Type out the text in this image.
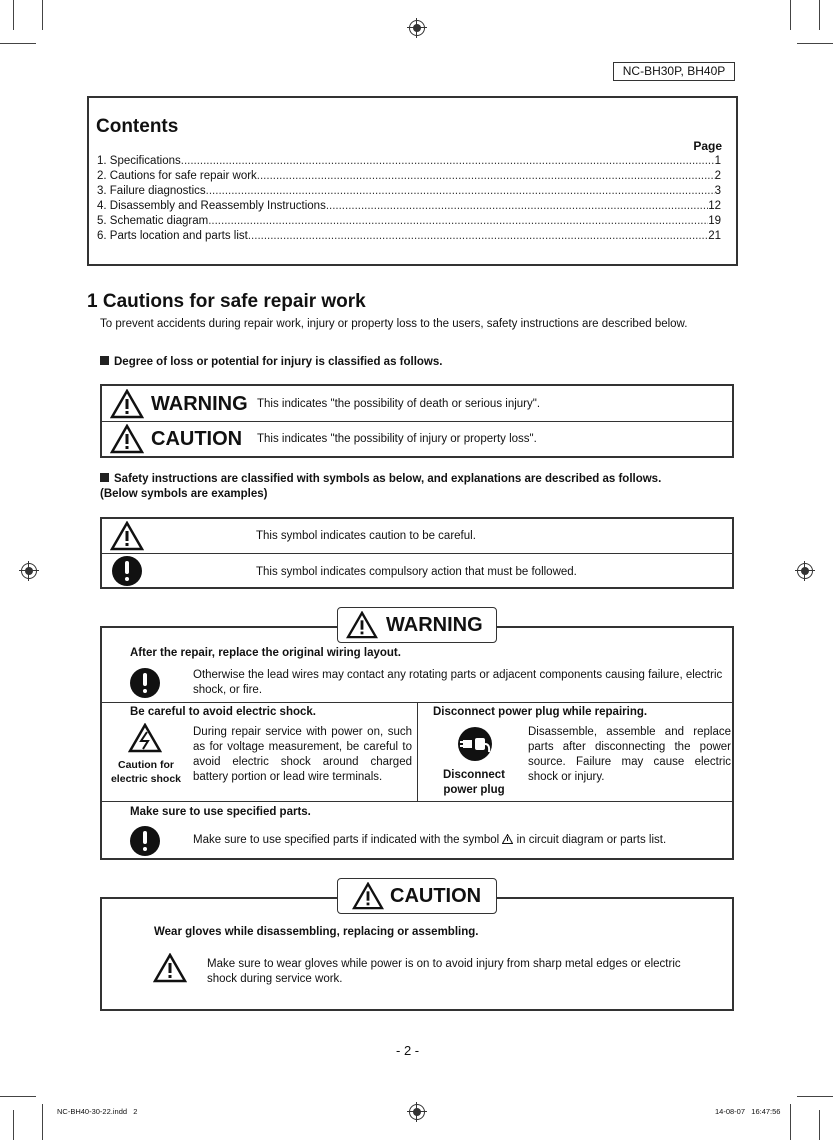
NC-BH30P, BH40P
Contents
Page
1. Specifications .....	1
2. Cautions for safe repair work .....	2
3. Failure diagnostics .....	3
4. Disassembly and Reassembly Instructions .....	12
5. Schematic diagram .....	19
6. Parts location and parts list .....	21
1 Cautions for safe repair work
To prevent accidents during repair work, injury or property loss to the users, safety instructions are described below.
Degree of loss or potential for injury is classified as follows.
WARNING This indicates "the possibility of death or serious injury".
CAUTION This indicates "the possibility of injury or property loss".
Safety instructions are classified with symbols as below, and explanations are described as follows.
(Below symbols are examples)
This symbol indicates caution to be careful.
This symbol indicates compulsory action that must be followed.
After the repair, replace the original wiring layout.
Otherwise the lead wires may contact any rotating parts or adjacent components causing failure, electric shock, or fire.
Be careful to avoid electric shock.
Caution for electric shock
During repair service with power on, such as for voltage measurement, be careful to avoid electric shock around charged battery portion or lead wire terminals.
Disconnect power plug while repairing.
Disconnect power plug
Disassemble, assemble and replace parts after disconnecting the power source. Failure may cause electric shock or injury.
Make sure to use specified parts.
Make sure to use specified parts if indicated with the symbol in circuit diagram or parts list.
WARNING
Wear gloves while disassembling, replacing or assembling.
Make sure to wear gloves while power is on to avoid injury from sharp metal edges or electric shock during service work.
CAUTION
- 2 -
NC-BH40-30-22.indd   2	14-08-07   16:47:56
